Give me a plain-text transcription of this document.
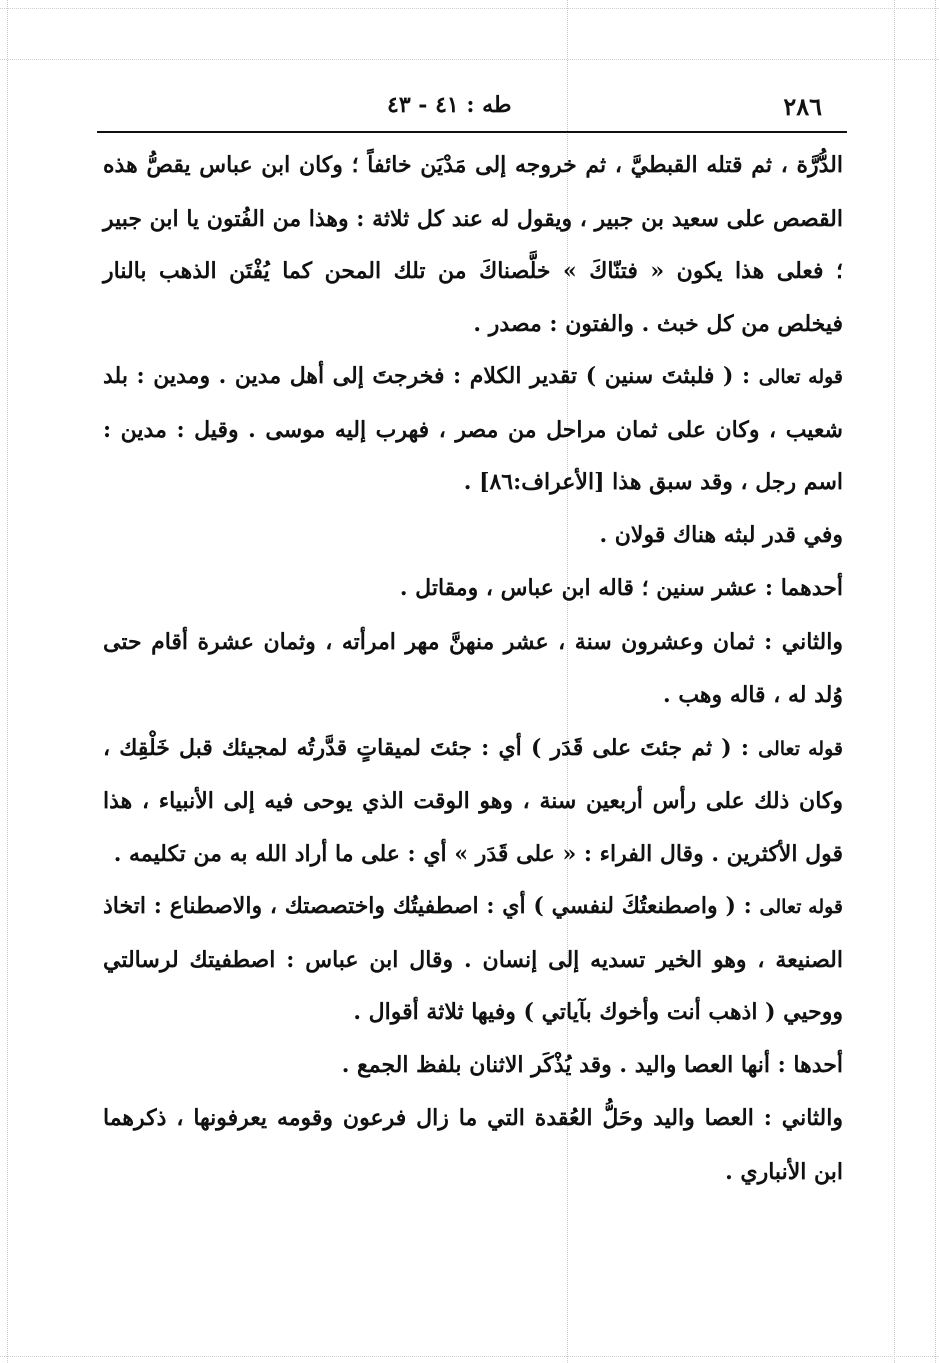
٢٨٦
طه : ٤١ - ٤٣

الدُّرَّة ، ثم قتله القبطيَّ ، ثم خروجه إلى مَدْيَن خائفاً ؛ وكان ابن عباس يقصُّ هذه القصص على سعيد بن جبير ، ويقول له عند كل ثلاثة : وهذا من الفُتون يا ابن جبير ؛ فعلى هذا يكون « فتنّاكَ » خلَّصناكَ من تلك المحن كما يُفْتَن الذهب بالنار فيخلص من كل خبث . والفتون : مصدر .

قوله تعالى : ( فلبثتَ سنين ) تقدير الكلام : فخرجتَ إلى أهل مدين . ومدين : بلد شعيب ، وكان على ثمان مراحل من مصر ، فهرب إليه موسى . وقيل : مدين : اسم رجل ، وقد سبق هذا [الأعراف:٨٦] .

وفي قدر لبثه هناك قولان .

أحدهما : عشر سنين ؛ قاله ابن عباس ، ومقاتل .

والثاني : ثمان وعشرون سنة ، عشر منهنَّ مهر امرأته ، وثمان عشرة أقام حتى وُلد له ، قاله وهب .

قوله تعالى : ( ثم جئتَ على قَدَر ) أي : جئتَ لميقاتٍ قدَّرتُه لمجيئك قبل خَلْقِك ، وكان ذلك على رأس أربعين سنة ، وهو الوقت الذي يوحى فيه إلى الأنبياء ، هذا قول الأكثرين . وقال الفراء : « على قَدَر » أي : على ما أراد الله به من تكليمه .

قوله تعالى : ( واصطنعتُكَ لنفسي ) أي : اصطفيتُك واختصصتك ، والاصطناع : اتخاذ الصنيعة ، وهو الخير تسديه إلى إنسان . وقال ابن عباس : اصطفيتك لرسالتي ووحيي ( اذهب أنت وأخوك بآياتي ) وفيها ثلاثة أقوال .

أحدها : أنها العصا واليد . وقد يُذْكَر الاثنان بلفظ الجمع .

والثاني : العصا واليد وحَلُّ العُقدة التي ما زال فرعون وقومه يعرفونها ، ذكرهما ابن الأنباري .
